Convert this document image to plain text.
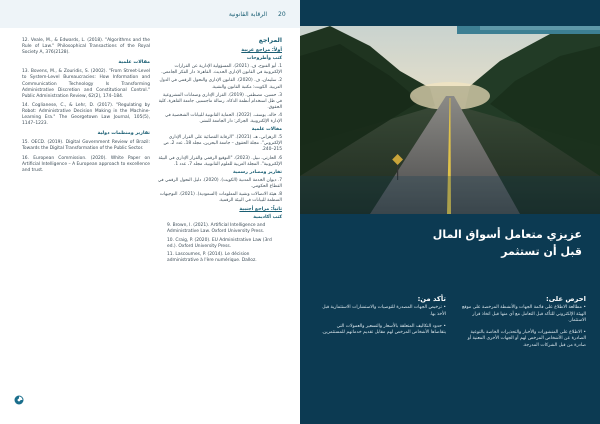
20
الرقابة القانونية
12. Veale, M., & Edwards, L. (2018). "Algorithms and the Rule of Law." Philosophical Transactions of the Royal Society A, 376(2128).
مقالات علمية
13. Bovens, M., & Zouridis, S. (2002). "From Street-Level to System-Level Bureaucracies: How Information and Communication Technology Is Transforming Administrative Discretion and Constitutional Control." Public Administration Review, 62(2), 174–184.
14. Coglianese, C., & Lehr, D. (2017). "Regulating by Robot: Administrative Decision Making in the Machine-Learning Era." The Georgetown Law Journal, 105(5), 1147–1223.
تقارير ومنظمات دولية
15. OECD. (2019). Digital Government Review of Brazil: Towards the Digital Transformation of the Public Sector.
16. European Commission. (2020). White Paper on Artificial Intelligence – A European approach to excellence and trust.
المراجع
أولاً: مراجع عربية
كتب وأطروحات
1. أبو الفتوح، ف. (2021). المسؤولية الإدارية عن القرارات الإلكترونية في القانون الإداري الحديث. القاهرة: دار الفكر الجامعي.
2. سليمان، ف. (2020). القانون الإداري والتحول الرقمي في الدول العربية. الكويت: مكتبة القانون والتقنية.
3. حسين، مصطفى. (2019). القرار الإداري وضمانات المشروعية في ظل استخدام أنظمة الذكاء. رسالة ماجستير، جامعة القاهرة، كلية الحقوق.
4. خالد، يوسف. (2022). الحماية القانونية للبيانات الشخصية في الإدارة الإلكترونية. الجزائر: دار الجامعة للنشر.
مقالات علمية
5. الزهراني، هـ. (2021). "الرقابة القضائية على القرار الإداري الإلكتروني". مجلة الحقوق – جامعة البحرين، مجلد 18، عدد 2، ص 215–240.
6. الحارثي، نبيل. (2023). "التوقيع الرقمي والقرار الإداري في البيئة الإلكترونية". المجلة العربية للعلوم القانونية، مجلد 7، عدد 1.
تقارير ومصادر رسمية
7. ديوان الخدمة المدنية (الكويت). (2020). دليل التحول الرقمي في القطاع الحكومي.
8. هيئة الاتصالات وتقنية المعلومات (السعودية). (2021). التوجيهات المنظمة للبيانات في البيئة الرقمية.
ثانياً: مراجع أجنبية
كتب أكاديمية
9. Brown, I. (2021). Artificial Intelligence and Administrative Law. Oxford University Press.
10. Craig, P. (2020). EU Administrative Law (3rd ed.). Oxford University Press.
11. Lascoumes, P. (2014). Le décision administrative à l'ère numérique. Dalloz.
عزيزي متعامل أسواق المال
قبل أن تستثمر
احرص على:
• مطالعة الاطلاع على قائمة الجهات والأنشطة المرخصة على موقع الهيئة الإلكتروني للتأكد قبل التعامل مع أي منها قبل اتخاذ قرار الاستثمار.
• الاطلاع على المنشورات والأخبار والتحذيرات الخاصة بالتوعية الصادرة عن الأشخاص المرخص لهم أو الجهات الأخرى المعنية أو صادرة من قبل الشركات المدرجة.
تأكد من:
• ترخيص الجهات المصدرة للتوصيات والاستشارات الاستثمارية قبل الأخذ بها.
• حدود التكاليف المتعلقة بالأسعار والتسعير والعمولات التي يتقاضاها الأشخاص المرخص لهم مقابل تقديم خدماتهم للمستثمرين.
